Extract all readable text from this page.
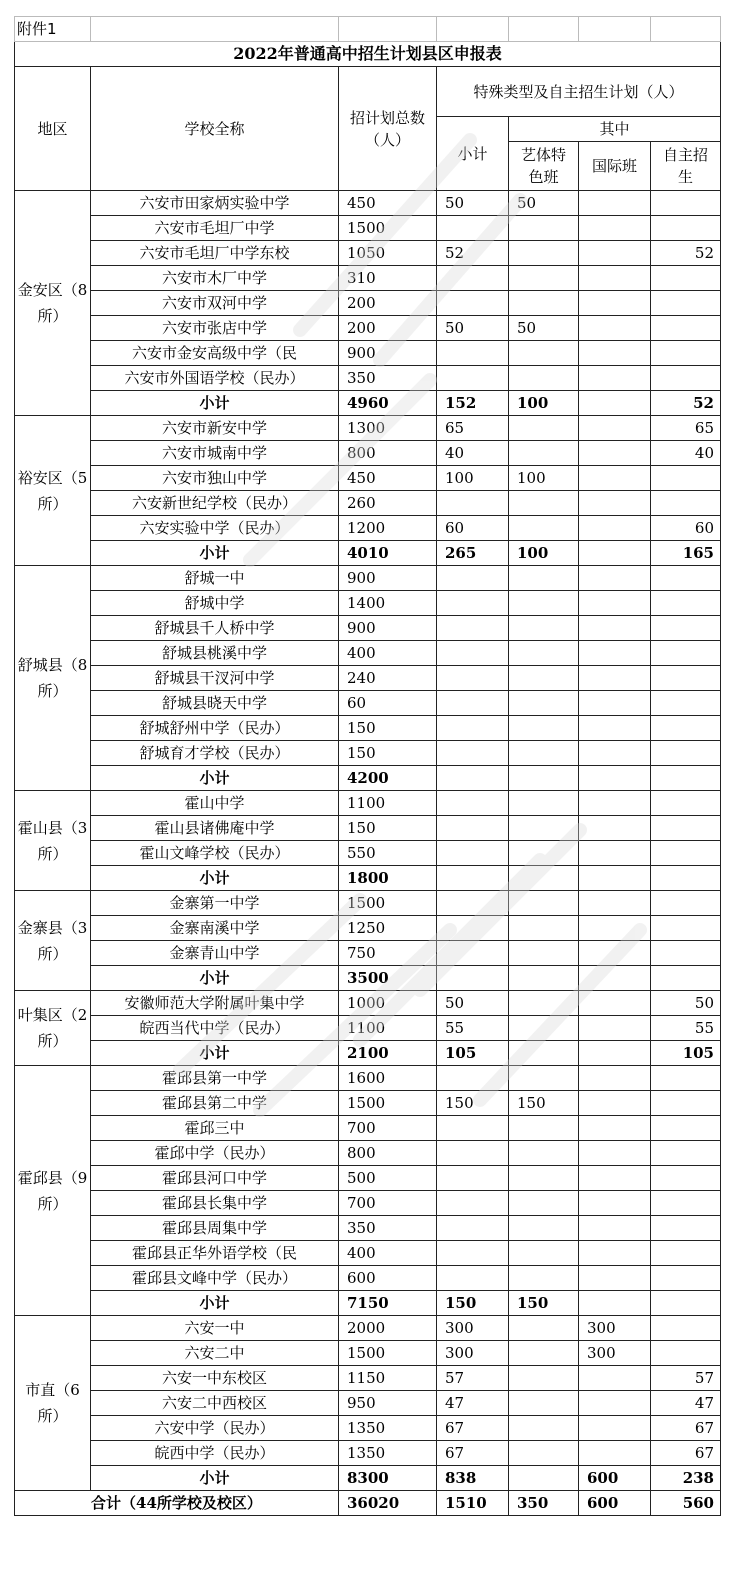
附件1						
2022年普通高中招生计划县区申报表						
地区	学校全称	招计划总数（人）	特殊类型及自主招生计划（人）			
			小计	其中		
				艺体特色班	国际班	自主招生
金安区（8所）	六安市田家炳实验中学	450	50	50		
	六安市毛坦厂中学	1500				
	六安市毛坦厂中学东校	1050	52			52
	六安市木厂中学	310				
	六安市双河中学	200				
	六安市张店中学	200	50	50		
	六安市金安高级中学（民	900				
	六安市外国语学校（民办）	350				
	小计	4960	152	100		52
裕安区（5所）	六安市新安中学	1300	65			65
	六安市城南中学	800	40			40
	六安市独山中学	450	100	100		
	六安新世纪学校（民办）	260				
	六安实验中学（民办）	1200	60			60
	小计	4010	265	100		165
舒城县（8所）	舒城一中	900				
	舒城中学	1400				
	舒城县千人桥中学	900				
	舒城县桃溪中学	400				
	舒城县干汊河中学	240				
	舒城县晓天中学	60				
	舒城舒州中学（民办）	150				
	舒城育才学校（民办）	150				
	小计	4200				
霍山县（3所）	霍山中学	1100				
	霍山县诸佛庵中学	150				
	霍山文峰学校（民办）	550				
	小计	1800				
金寨县（3所）	金寨第一中学	1500				
	金寨南溪中学	1250				
	金寨青山中学	750				
	小计	3500				
叶集区（2所）	安徽师范大学附属叶集中学	1000	50			50
	皖西当代中学（民办）	1100	55			55
	小计	2100	105			105
霍邱县（9所）	霍邱县第一中学	1600				
	霍邱县第二中学	1500	150	150		
	霍邱三中	700				
	霍邱中学（民办）	800				
	霍邱县河口中学	500				
	霍邱县长集中学	700				
	霍邱县周集中学	350				
	霍邱县正华外语学校（民	400				
	霍邱县文峰中学（民办）	600				
	小计	7150	150	150		
市直（6所）	六安一中	2000	300		300	
	六安二中	1500	300		300	
	六安一中东校区	1150	57			57
	六安二中西校区	950	47			47
	六安中学（民办）	1350	67			67
	皖西中学（民办）	1350	67			67
	小计	8300	838		600	238
合计（44所学校及校区）		36020	1510	350	600	560
